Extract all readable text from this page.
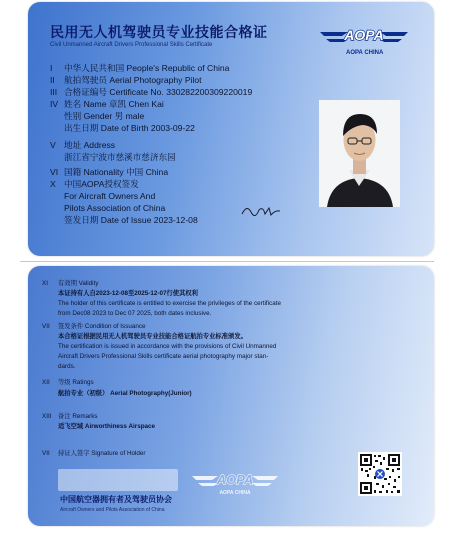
民用无人机驾驶员专业技能合格证
Civil Unmanned Aircraft Drivers Professional Skills Certificate
AOPA
AOPA CHINA
I 中华人民共和国 People's Republic of China
II 航拍驾驶员 Aerial Photography Pilot
III 合格证编号 Certificate No. 330282200309220019
IV 姓名 Name 章凯 Chen Kai
性别 Gender 男 male
出生日期 Date of Birth 2003-09-22
V 地址 Address
浙江省宁波市慈溪市慈济东园
VI 国籍 Nationality 中国 China
X 中国AOPA授权签发
For Aircraft Owners And
Pilots Association of China
签发日期 Date of Issue 2023-12-08
XI 有效期 Validity
本证持有人自2023-12-08至2025-12-07行使其权利
The holder of this certificate is entitled to exercise the privileges of the certificate
from Dec08 2023 to Dec 07 2025, both dates inclusive.
VII 签发条件 Condition of Issuance
本合格证根据民用无人机驾驶员专业技能合格证航拍专业标准颁发。
The certification is issued in accordance with the provisions of Civil Unmanned
Aircraft Drivers Professional Skills certificate aerial photography major stan-
dards.
XII 等级 Ratings
航拍专业（初级） Aerial Photography(Junior)
XIII 备注 Remarks
适飞空域 Airworthiness Airspace
VII 持证人签字 Signature of Holder
AOPA
AOPA CHINA
中国航空器拥有者及驾驶员协会
Aircraft Owners and Pilots Association of China
